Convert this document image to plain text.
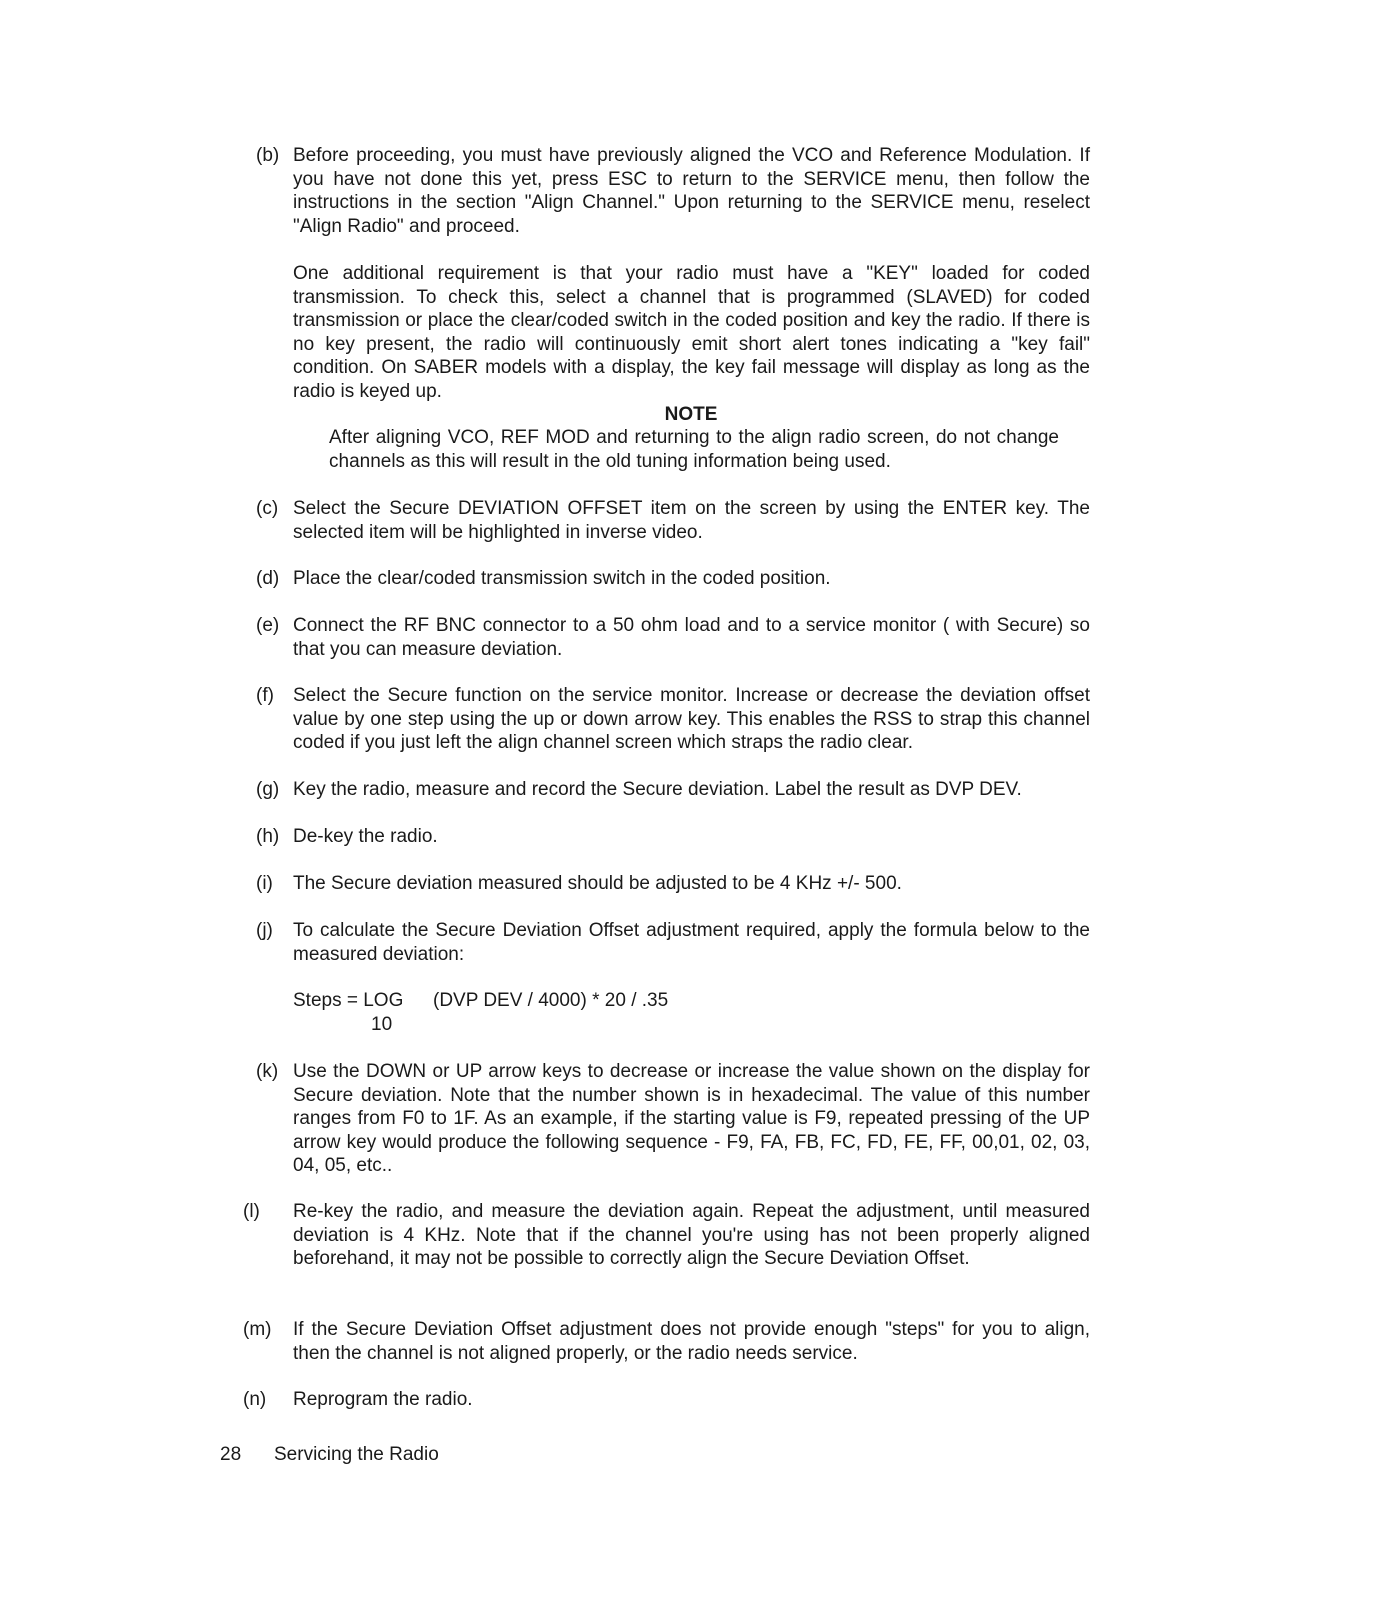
(b) Before proceeding, you must have previously aligned the VCO and Reference Modulation. If you have not done this yet, press ESC to return to the SERVICE menu, then follow the instructions in the section "Align Channel." Upon returning to the SERVICE menu, reselect "Align Radio" and proceed.
One additional requirement is that your radio must have a "KEY" loaded for coded transmission. To check this, select a channel that is programmed (SLAVED) for coded transmission or place the clear/coded switch in the coded position and key the radio. If there is no key present, the radio will continuously emit short alert tones indicating a "key fail" condition. On SABER models with a display, the key fail message will display as long as the radio is keyed up.
NOTE
After aligning VCO, REF MOD and returning to the align radio screen, do not change channels as this will result in the old tuning information being used.
(c) Select the Secure DEVIATION OFFSET item on the screen by using the ENTER key. The selected item will be highlighted in inverse video.
(d) Place the clear/coded transmission switch in the coded position.
(e) Connect the RF BNC connector to a 50 ohm load and to a service monitor ( with Secure) so that you can measure deviation.
(f) Select the Secure function on the service monitor. Increase or decrease the deviation offset value by one step using the up or down arrow key. This enables the RSS to strap this channel coded if you just left the align channel screen which straps the radio clear.
(g) Key the radio, measure and record the Secure deviation. Label the result as DVP DEV.
(h) De-key the radio.
(i) The Secure deviation measured should be adjusted to be 4 KHz +/- 500.
(j) To calculate the Secure Deviation Offset adjustment required, apply the formula below to the measured deviation:
Steps = LOG
10
(DVP DEV / 4000) * 20 / .35
(k) Use the DOWN or UP arrow keys to decrease or increase the value shown on the display for Secure deviation. Note that the number shown is in hexadecimal. The value of this number ranges from F0 to 1F. As an example, if the starting value is F9, repeated pressing of the UP arrow key would produce the following sequence - F9, FA, FB, FC, FD, FE, FF, 00,01, 02, 03, 04, 05, etc..
(l) Re-key the radio, and measure the deviation again. Repeat the adjustment, until measured deviation is 4 KHz. Note that if the channel you're using has not been properly aligned beforehand, it may not be possible to correctly align the Secure Deviation Offset.
(m) If the Secure Deviation Offset adjustment does not provide enough "steps" for you to align, then the channel is not aligned properly, or the radio needs service.
(n) Reprogram the radio.
28 Servicing the Radio
